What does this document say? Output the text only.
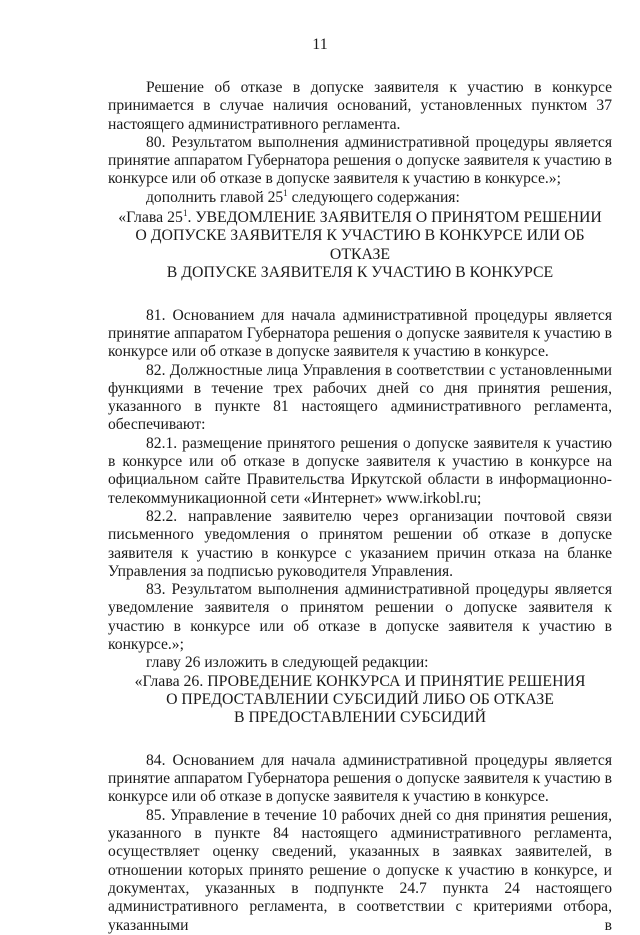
11

Решение об отказе в допуске заявителя к участию в конкурсе принимается в случае наличия оснований, установленных пунктом 37 настоящего административного регламента.

80. Результатом выполнения административной процедуры является принятие аппаратом Губернатора решения о допуске заявителя к участию в конкурсе или об отказе в допуске заявителя к участию в конкурсе.»;

дополнить главой $25^1$ следующего содержания:

«Глава $25^1$. УВЕДОМЛЕНИЕ ЗАЯВИТЕЛЯ О ПРИНЯТОМ РЕШЕНИИ
О ДОПУСКЕ ЗАЯВИТЕЛЯ К УЧАСТИЮ В КОНКУРСЕ ИЛИ ОБ ОТКАЗЕ
В ДОПУСКЕ ЗАЯВИТЕЛЯ К УЧАСТИЮ В КОНКУРСЕ

81. Основанием для начала административной процедуры является принятие аппаратом Губернатора решения о допуске заявителя к участию в конкурсе или об отказе в допуске заявителя к участию в конкурсе.

82. Должностные лица Управления в соответствии с установленными функциями в течение трех рабочих дней со дня принятия решения, указанного в пункте 81 настоящего административного регламента, обеспечивают:

82.1. размещение принятого решения о допуске заявителя к участию в конкурсе или об отказе в допуске заявителя к участию в конкурсе на официальном сайте Правительства Иркутской области в информационно-телекоммуникационной сети «Интернет» www.irkobl.ru;

82.2. направление заявителю через организации почтовой связи письменного уведомления о принятом решении об отказе в допуске заявителя к участию в конкурсе с указанием причин отказа на бланке Управления за подписью руководителя Управления.

83. Результатом выполнения административной процедуры является уведомление заявителя о принятом решении о допуске заявителя к участию в конкурсе или об отказе в допуске заявителя к участию в конкурсе.»;

главу 26 изложить в следующей редакции:

«Глава 26. ПРОВЕДЕНИЕ КОНКУРСА И ПРИНЯТИЕ РЕШЕНИЯ
О ПРЕДОСТАВЛЕНИИ СУБСИДИЙ ЛИБО ОБ ОТКАЗЕ
В ПРЕДОСТАВЛЕНИИ СУБСИДИЙ

84. Основанием для начала административной процедуры является принятие аппаратом Губернатора решения о допуске заявителя к участию в конкурсе или об отказе в допуске заявителя к участию в конкурсе.

85. Управление в течение 10 рабочих дней со дня принятия решения, указанного в пункте 84 настоящего административного регламента, осуществляет оценку сведений, указанных в заявках заявителей, в отношении которых принято решение о допуске к участию в конкурсе, и документах, указанных в подпункте 24.7 пункта 24 настоящего административного регламента, в соответствии с критериями отбора, указанными в
